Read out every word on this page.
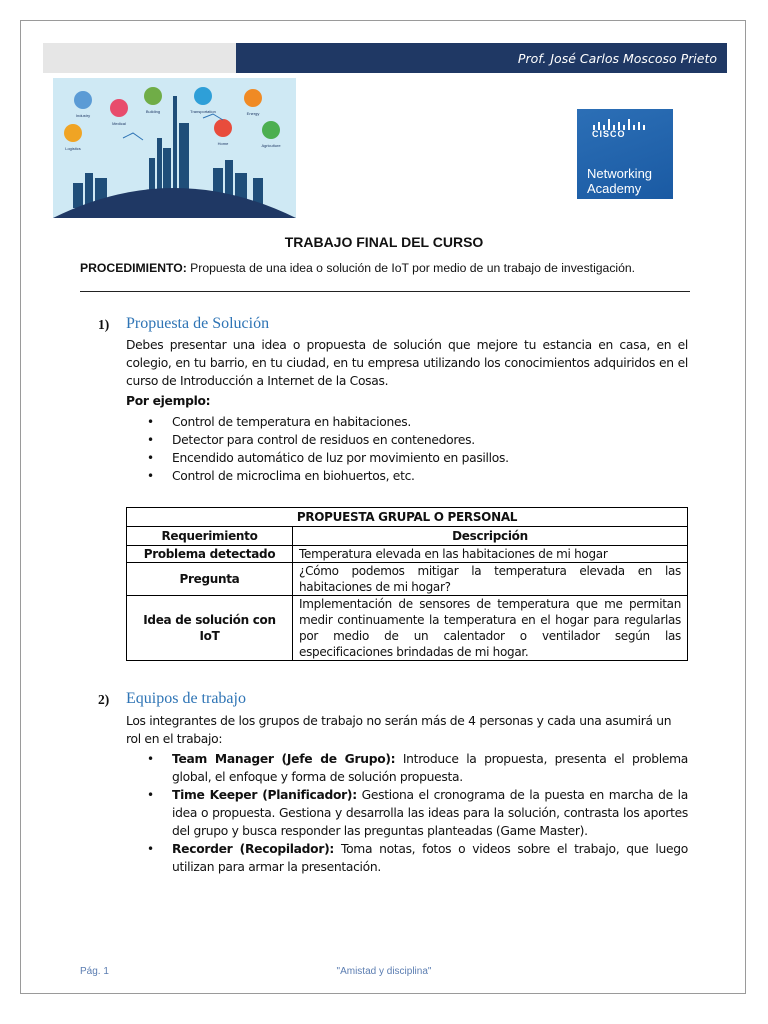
Prof. José Carlos Moscoso Prieto
Industry
Medical
Building	Transportation	Energy
Logistics
Home	Agriculture
CISCO
Networking
Academy
TRABAJO FINAL DEL CURSO
PROCEDIMIENTO: Propuesta de una idea o solución de IoT por medio de un trabajo de investigación.
1) Propuesta de Solución
Debes presentar una idea o propuesta de solución que mejore tu estancia en casa, en el colegio, en tu barrio, en tu ciudad, en tu empresa utilizando los conocimientos adquiridos en el curso de Introducción a Internet de la Cosas.
Por ejemplo:
• Control de temperatura en habitaciones.
• Detector para control de residuos en contenedores.
• Encendido automático de luz por movimiento en pasillos.
• Control de microclima en biohuertos, etc.
PROPUESTA GRUPAL O PERSONAL	
Requerimiento	Descripción
Problema detectado	Temperatura elevada en las habitaciones de mi hogar
Pregunta	¿Cómo podemos mitigar la temperatura elevada en las habitaciones de mi hogar?
Idea de solución con IoT	Implementación de sensores de temperatura que me permitan medir continuamente la temperatura en el hogar para regularlas por medio de un calentador o ventilador según las especificaciones brindadas de mi hogar.
2) Equipos de trabajo
Los integrantes de los grupos de trabajo no serán más de 4 personas y cada una asumirá un rol en el trabajo:
• Team Manager (Jefe de Grupo): Introduce la propuesta, presenta el problema global, el enfoque y forma de solución propuesta.
• Time Keeper (Planificador): Gestiona el cronograma de la puesta en marcha de la idea o propuesta. Gestiona y desarrolla las ideas para la solución, contrasta los aportes del grupo y busca responder las preguntas planteadas (Game Master).
• Recorder (Recopilador): Toma notas, fotos o videos sobre el trabajo, que luego utilizan para armar la presentación.
Pág. 1	"Amistad y disciplina"
